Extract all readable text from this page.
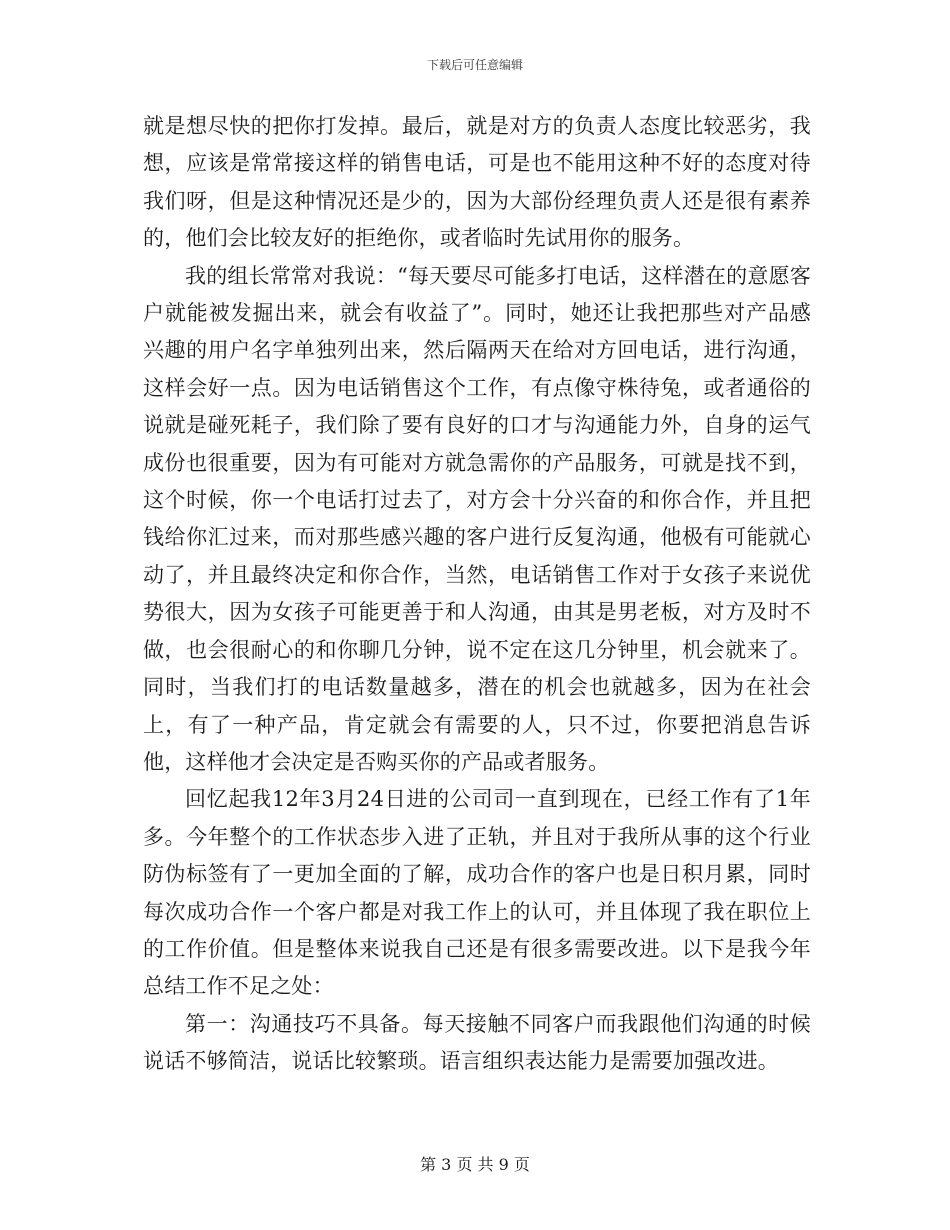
下载后可任意编辑

就是想尽快的把你打发掉。最后，就是对方的负责人态度比较恶劣，我想，应该是常常接这样的销售电话，可是也不能用这种不好的态度对待我们呀，但是这种情况还是少的，因为大部份经理负责人还是很有素养的，他们会比较友好的拒绝你，或者临时先试用你的服务。

我的组长常常对我说：“每天要尽可能多打电话，这样潜在的意愿客户就能被发掘出来，就会有收益了”。同时，她还让我把那些对产品感兴趣的用户名字单独列出来，然后隔两天在给对方回电话，进行沟通，这样会好一点。因为电话销售这个工作，有点像守株待兔，或者通俗的说就是碰死耗子，我们除了要有良好的口才与沟通能力外，自身的运气成份也很重要，因为有可能对方就急需你的产品服务，可就是找不到，这个时候，你一个电话打过去了，对方会十分兴奋的和你合作，并且把钱给你汇过来，而对那些感兴趣的客户进行反复沟通，他极有可能就心动了，并且最终决定和你合作，当然，电话销售工作对于女孩子来说优势很大，因为女孩子可能更善于和人沟通，由其是男老板，对方及时不做，也会很耐心的和你聊几分钟，说不定在这几分钟里，机会就来了。同时，当我们打的电话数量越多，潜在的机会也就越多，因为在社会上，有了一种产品，肯定就会有需要的人，只不过，你要把消息告诉他，这样他才会决定是否购买你的产品或者服务。

回忆起我12年3月24日进的公司司一直到现在，已经工作有了1年多。今年整个的工作状态步入进了正轨，并且对于我所从事的这个行业防伪标签有了一更加全面的了解，成功合作的客户也是日积月累，同时每次成功合作一个客户都是对我工作上的认可，并且体现了我在职位上的工作价值。但是整体来说我自己还是有很多需要改进。以下是我今年总结工作不足之处：

第一：沟通技巧不具备。每天接触不同客户而我跟他们沟通的时候说话不够简洁，说话比较繁琐。语言组织表达能力是需要加强改进。

第 3 页 共 9 页
